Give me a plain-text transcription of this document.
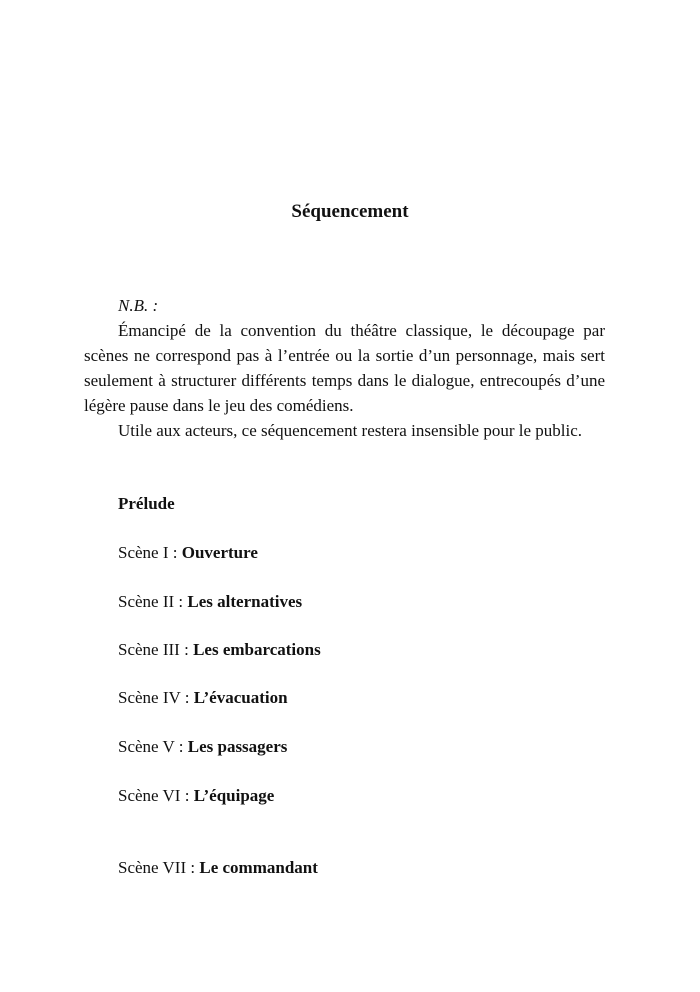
Séquencement

N.B. :

Émancipé de la convention du théâtre classique, le découpage par scènes ne correspond pas à l’entrée ou la sortie d’un personnage, mais sert seulement à structurer différents temps dans le dialogue, entrecoupés d’une légère pause dans le jeu des comédiens.

Utile aux acteurs, ce séquencement restera insensible pour le public.

Prélude

Scène I : Ouverture

Scène II : Les alternatives

Scène III : Les embarcations

Scène IV : L’évacuation

Scène V : Les passagers

Scène VI : L’équipage

Scène VII : Le commandant
